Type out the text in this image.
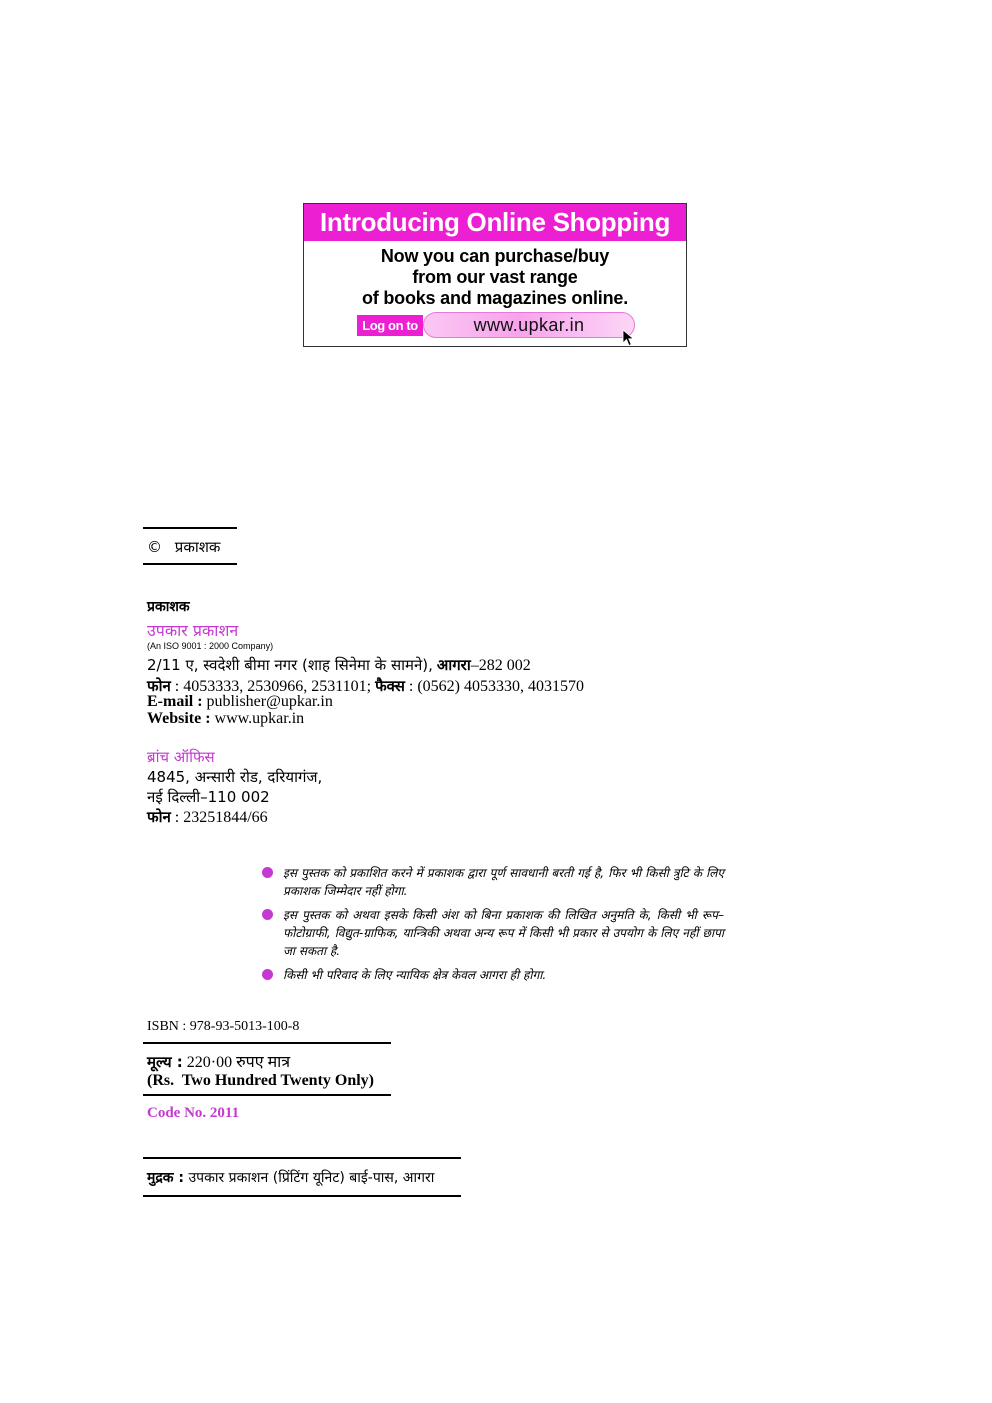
Introducing Online Shopping
Now you can purchase/buy
from our vast range
of books and magazines online.
Log on to	www.upkar.in
© प्रकाशक
प्रकाशक
उपकार प्रकाशन
(An ISO 9001 : 2000 Company)
2/11 ए, स्वदेशी बीमा नगर (शाह सिनेमा के सामने), आगरा–282 002
फोन : 4053333, 2530966, 2531101; फैक्स : (0562) 4053330, 4031570
E-mail : publisher@upkar.in
Website : www.upkar.in
ब्रांच ऑफिस
4845, अन्सारी रोड, दरियागंज,
नई दिल्ली–110 002
फोन : 23251844/66
इस पुस्तक को प्रकाशित करने में प्रकाशक द्वारा पूर्ण सावधानी बरती गई है, फिर भी किसी त्रुटि के लिए प्रकाशक जिम्मेदार नहीं होगा.
इस पुस्तक को अथवा इसके किसी अंश को बिना प्रकाशक की लिखित अनुमति के, किसी भी रूप–फोटोग्राफी, विद्युत-ग्राफिक, यान्त्रिकी अथवा अन्य रूप में किसी भी प्रकार से उपयोग के लिए नहीं छापा जा सकता है.
किसी भी परिवाद के लिए न्यायिक क्षेत्र केवल आगरा ही होगा.
ISBN : 978-93-5013-100-8
मूल्य : 220·00 रुपए मात्र
(Rs.  Two Hundred Twenty Only)
Code No. 2011
मुद्रक : उपकार प्रकाशन (प्रिंटिंग यूनिट) बाई-पास, आगरा
